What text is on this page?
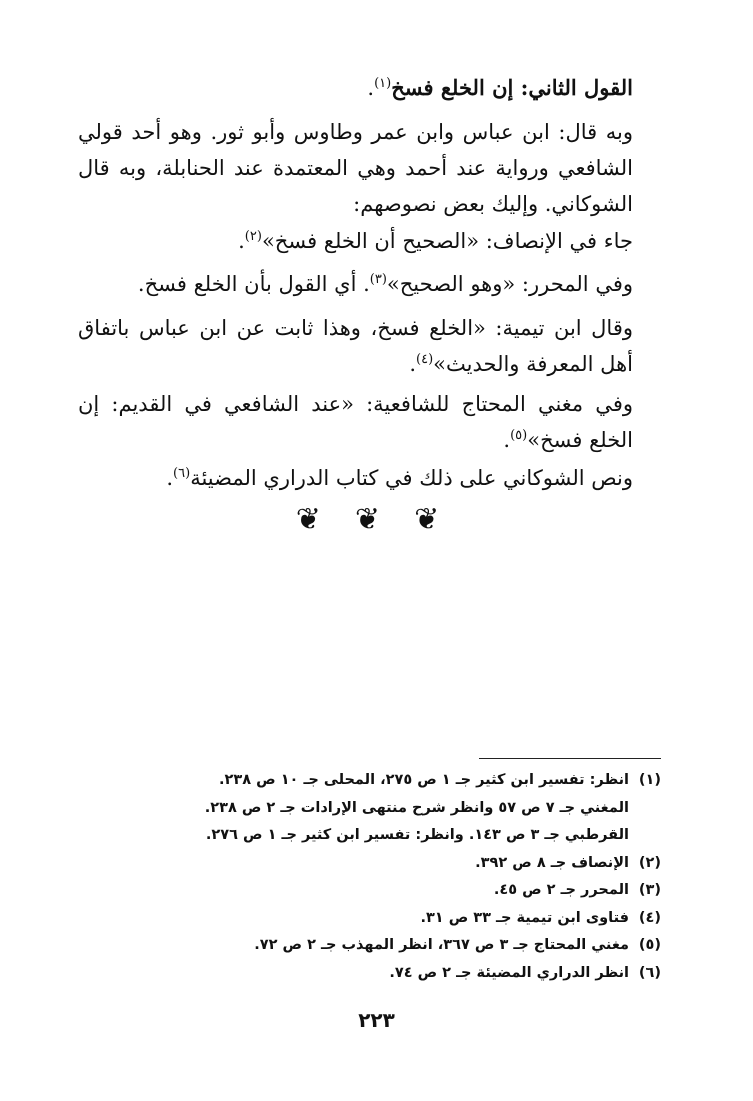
القول الثاني: إن الخلع فسخ$^{(١)}$.
وبه قال: ابن عباس وابن عمر وطاوس وأبو ثور. وهو أحد قولي الشافعي ورواية عند أحمد وهي المعتمدة عند الحنابلة، وبه قال الشوكاني. وإليك بعض نصوصهم:
جاء في الإنصاف: «الصحيح أن الخلع فسخ»$^{(٢)}$.
وفي المحرر: «وهو الصحيح»$^{(٣)}$. أي القول بأن الخلع فسخ.
وقال ابن تيمية: «الخلع فسخ، وهذا ثابت عن ابن عباس باتفاق أهل المعرفة والحديث»$^{(٤)}$.
وفي مغني المحتاج للشافعية: «عند الشافعي في القديم: إن الخلع فسخ»$^{(٥)}$.
ونص الشوكاني على ذلك في كتاب الدراري المضيئة$^{(٦)}$.
❦❦❦
(١)
انظر: تفسير ابن كثير جـ ١ ص ٢٧٥، المحلى جـ ١٠ ص ٢٣٨.
المغني جـ ٧ ص ٥٧ وانظر شرح منتهى الإرادات جـ ٢ ص ٢٣٨.
القرطبي جـ ٣ ص ١٤٣. وانظر: تفسير ابن كثير جـ ١ ص ٢٧٦.
(٢)
الإنصاف جـ ٨ ص ٣٩٢.
(٣)
المحرر جـ ٢ ص ٤٥.
(٤)
فتاوى ابن تيمية جـ ٣٣ ص ٣١.
(٥)
مغني المحتاج جـ ٣ ص ٣٦٧، انظر المهذب جـ ٢ ص ٧٢.
(٦)
انظر الدراري المضيئة جـ ٢ ص ٧٤.
٢٢٣
